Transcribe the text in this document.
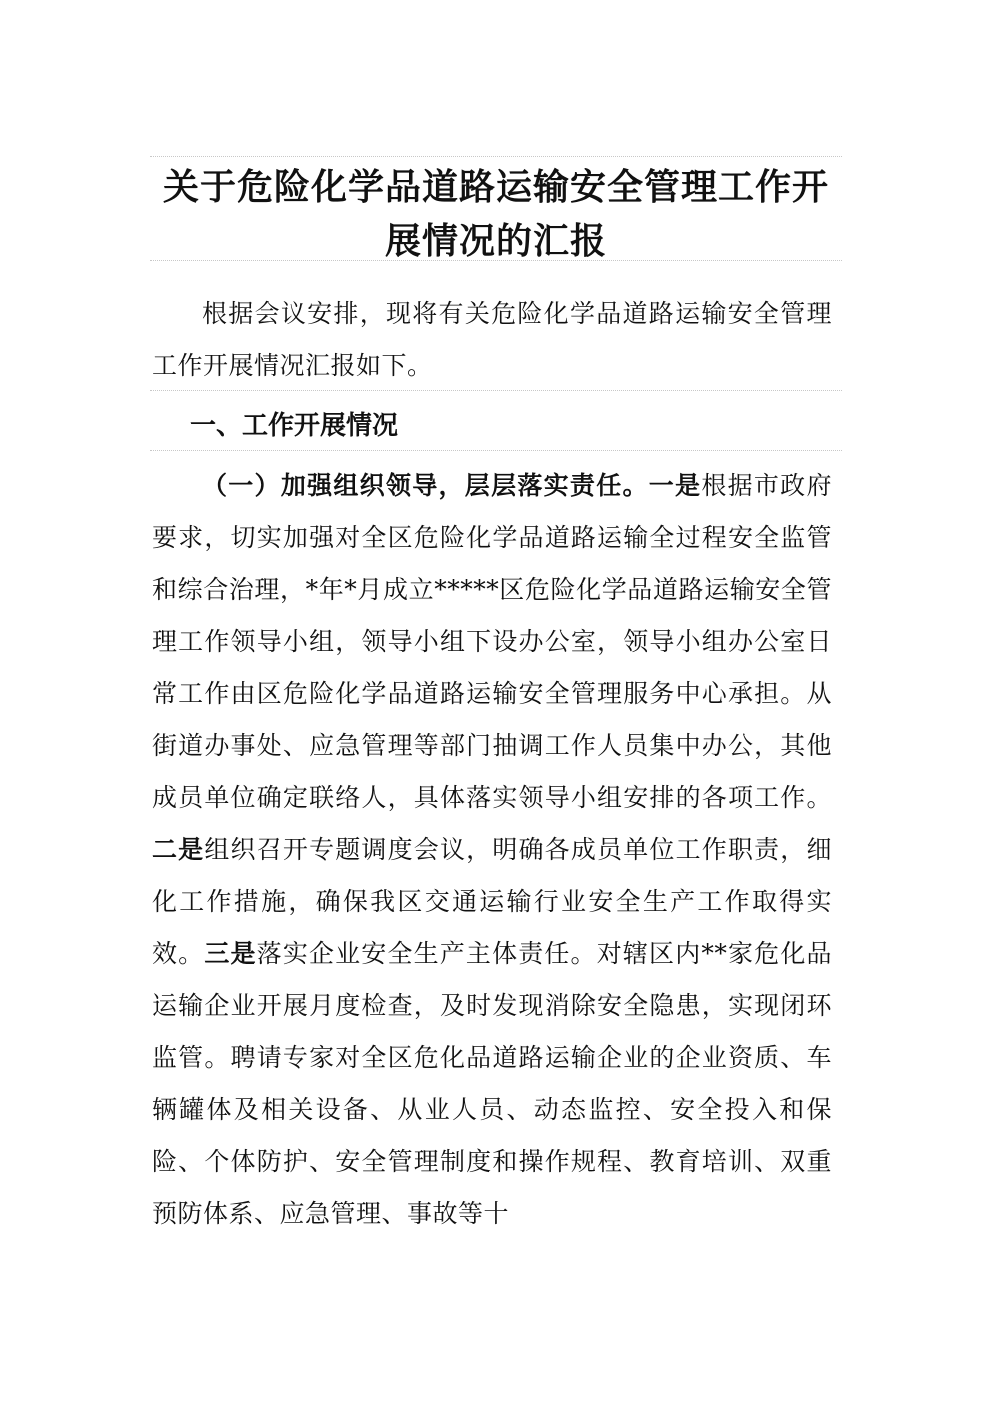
关于危险化学品道路运输安全管理工作开展情况的汇报
根据会议安排，现将有关危险化学品道路运输安全管理工作开展情况汇报如下。
一、工作开展情况
（一）加强组织领导，层层落实责任。一是根据市政府要求，切实加强对全区危险化学品道路运输全过程安全监管和综合治理，*年*月成立*****区危险化学品道路运输安全管理工作领导小组，领导小组下设办公室，领导小组办公室日常工作由区危险化学品道路运输安全管理服务中心承担。从街道办事处、应急管理等部门抽调工作人员集中办公，其他成员单位确定联络人，具体落实领导小组安排的各项工作。二是组织召开专题调度会议，明确各成员单位工作职责，细化工作措施，确保我区交通运输行业安全生产工作取得实效。三是落实企业安全生产主体责任。对辖区内**家危化品运输企业开展月度检查，及时发现消除安全隐患，实现闭环监管。聘请专家对全区危化品道路运输企业的企业资质、车辆罐体及相关设备、从业人员、动态监控、安全投入和保险、个体防护、安全管理制度和操作规程、教育培训、双重预防体系、应急管理、事故等十
